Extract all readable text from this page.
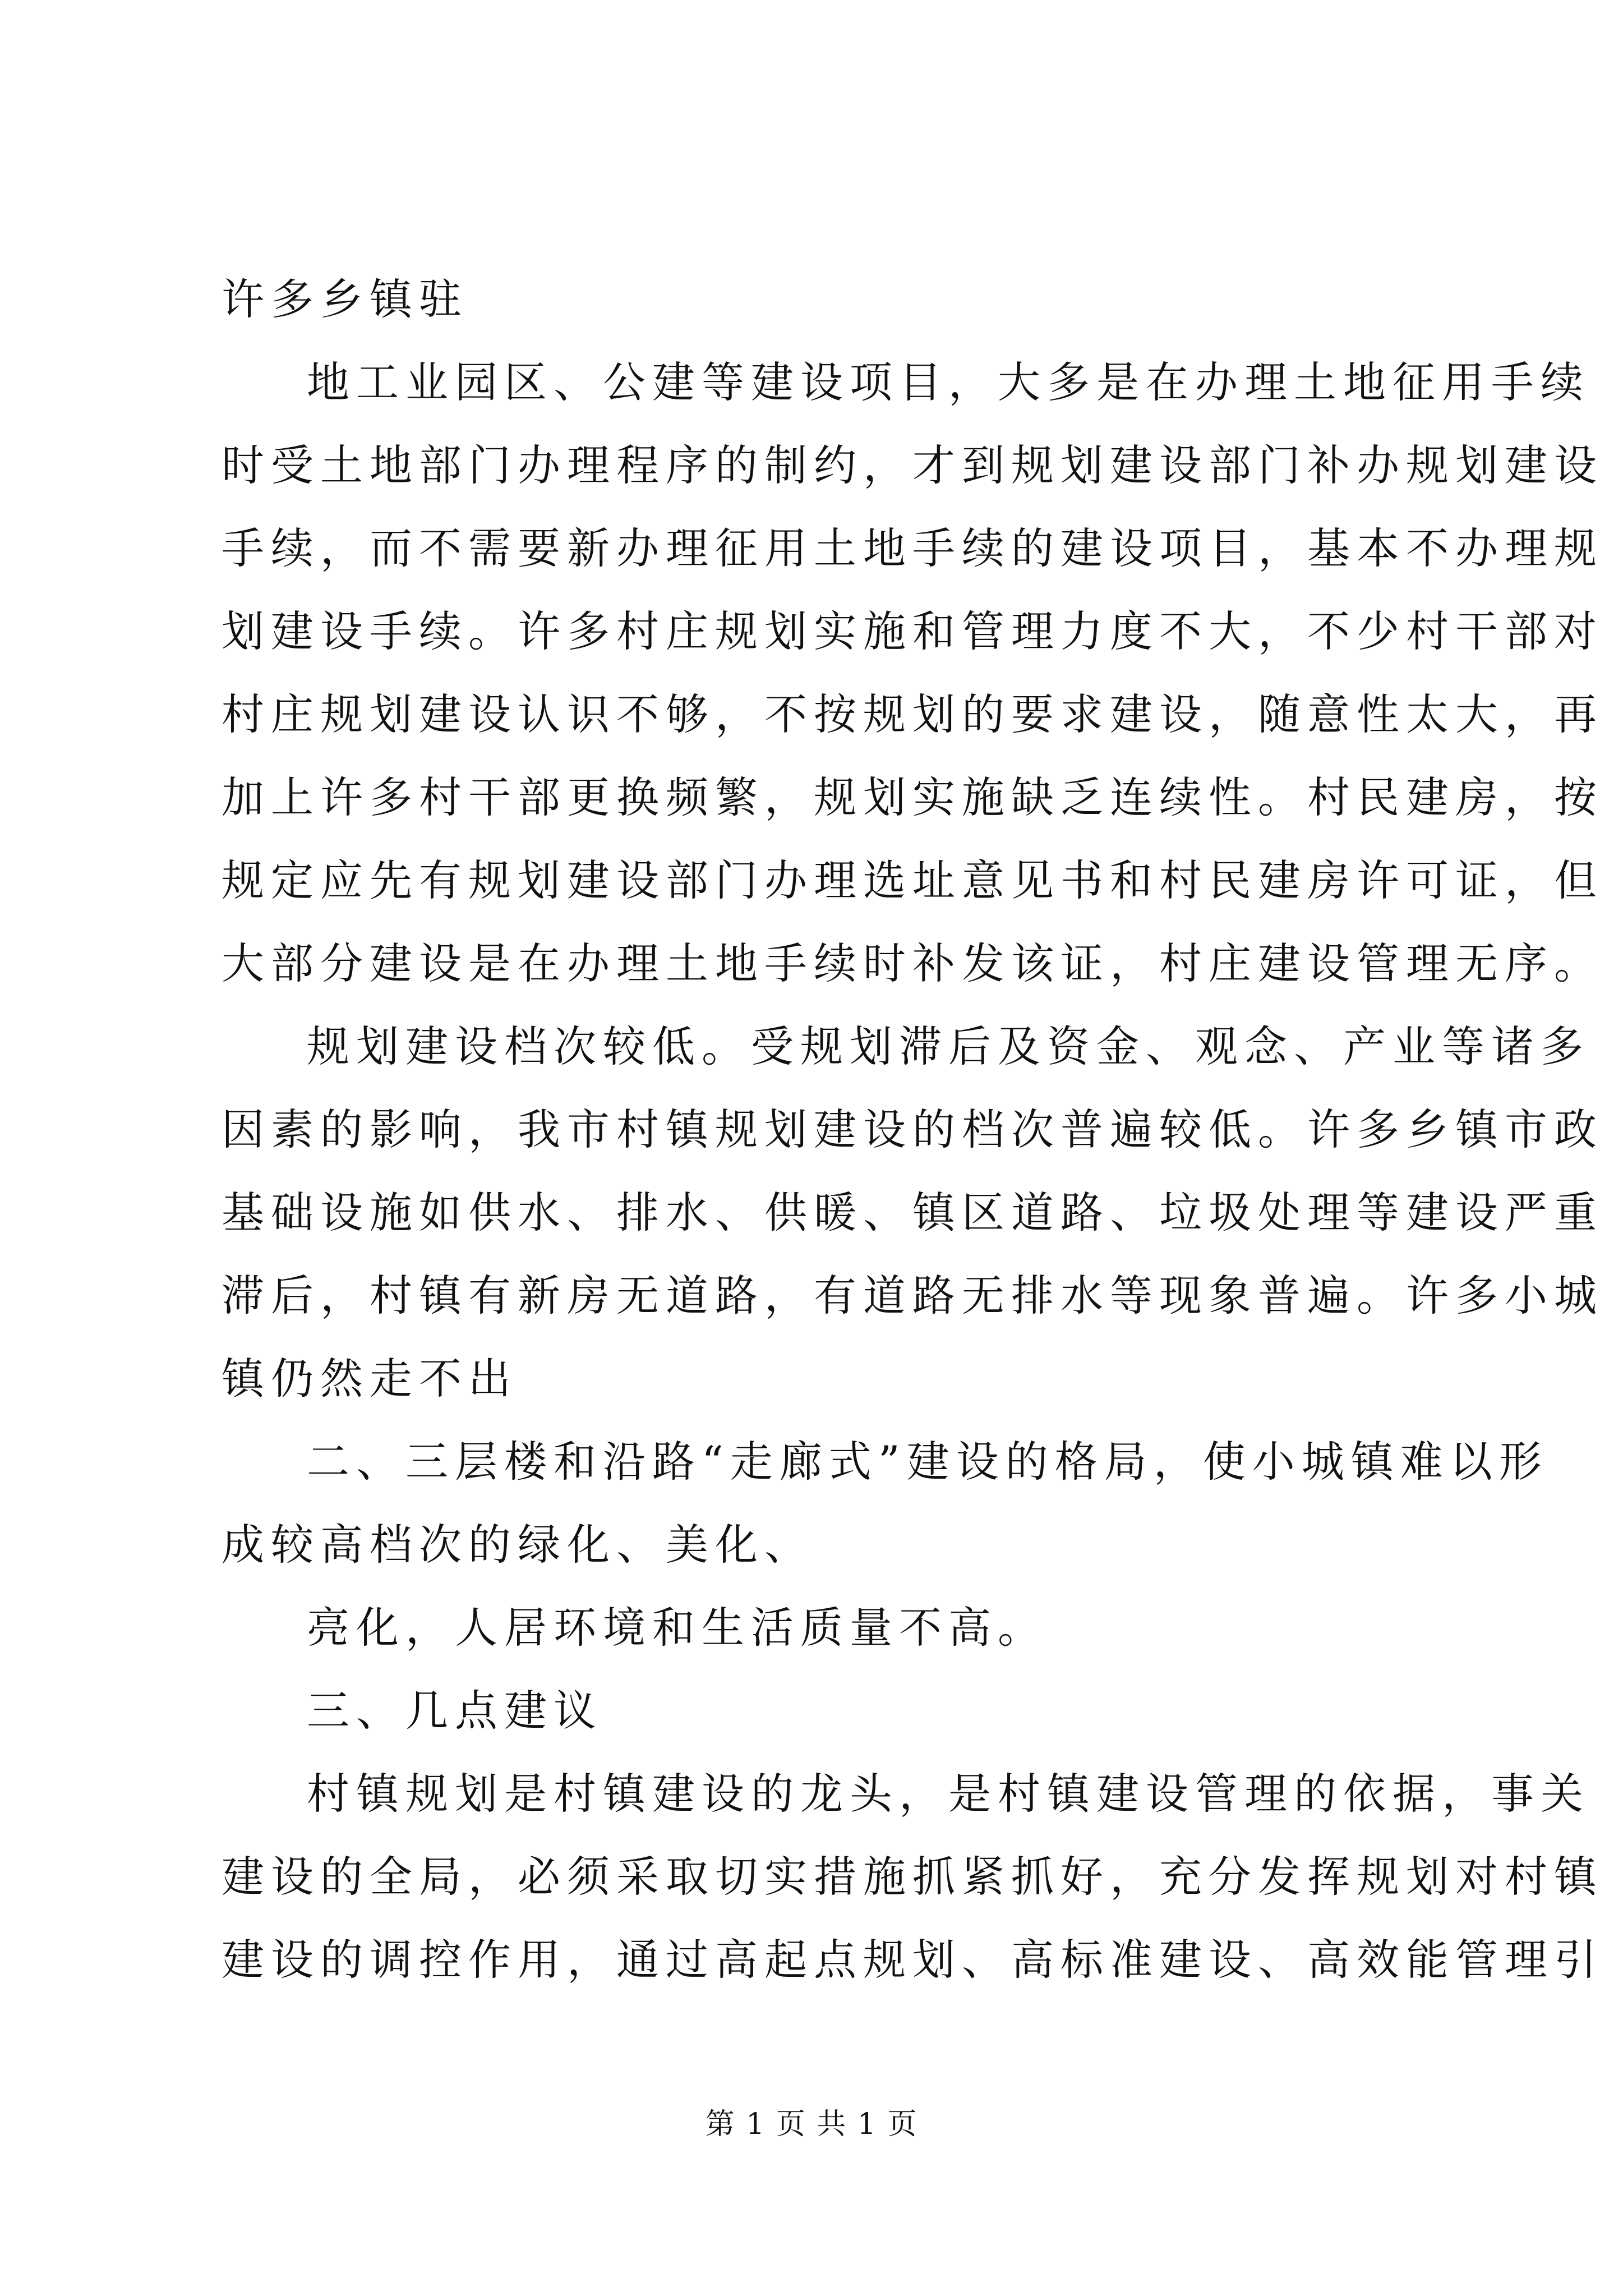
许多乡镇驻
地工业园区、公建等建设项目，大多是在办理土地征用手续
时受土地部门办理程序的制约，才到规划建设部门补办规划建设
手续，而不需要新办理征用土地手续的建设项目，基本不办理规
划建设手续。许多村庄规划实施和管理力度不大，不少村干部对
村庄规划建设认识不够，不按规划的要求建设，随意性太大，再
加上许多村干部更换频繁，规划实施缺乏连续性。村民建房，按
规定应先有规划建设部门办理选址意见书和村民建房许可证，但
大部分建设是在办理土地手续时补发该证，村庄建设管理无序。
规划建设档次较低。受规划滞后及资金、观念、产业等诸多
因素的影响，我市村镇规划建设的档次普遍较低。许多乡镇市政
基础设施如供水、排水、供暖、镇区道路、垃圾处理等建设严重
滞后，村镇有新房无道路，有道路无排水等现象普遍。许多小城
镇仍然走不出
二、三层楼和沿路“走廊式”建设的格局，使小城镇难以形
成较高档次的绿化、美化、
亮化，人居环境和生活质量不高。
三、几点建议
村镇规划是村镇建设的龙头，是村镇建设管理的依据，事关
建设的全局，必须采取切实措施抓紧抓好，充分发挥规划对村镇
建设的调控作用，通过高起点规划、高标准建设、高效能管理引
第 1 页 共 1 页
